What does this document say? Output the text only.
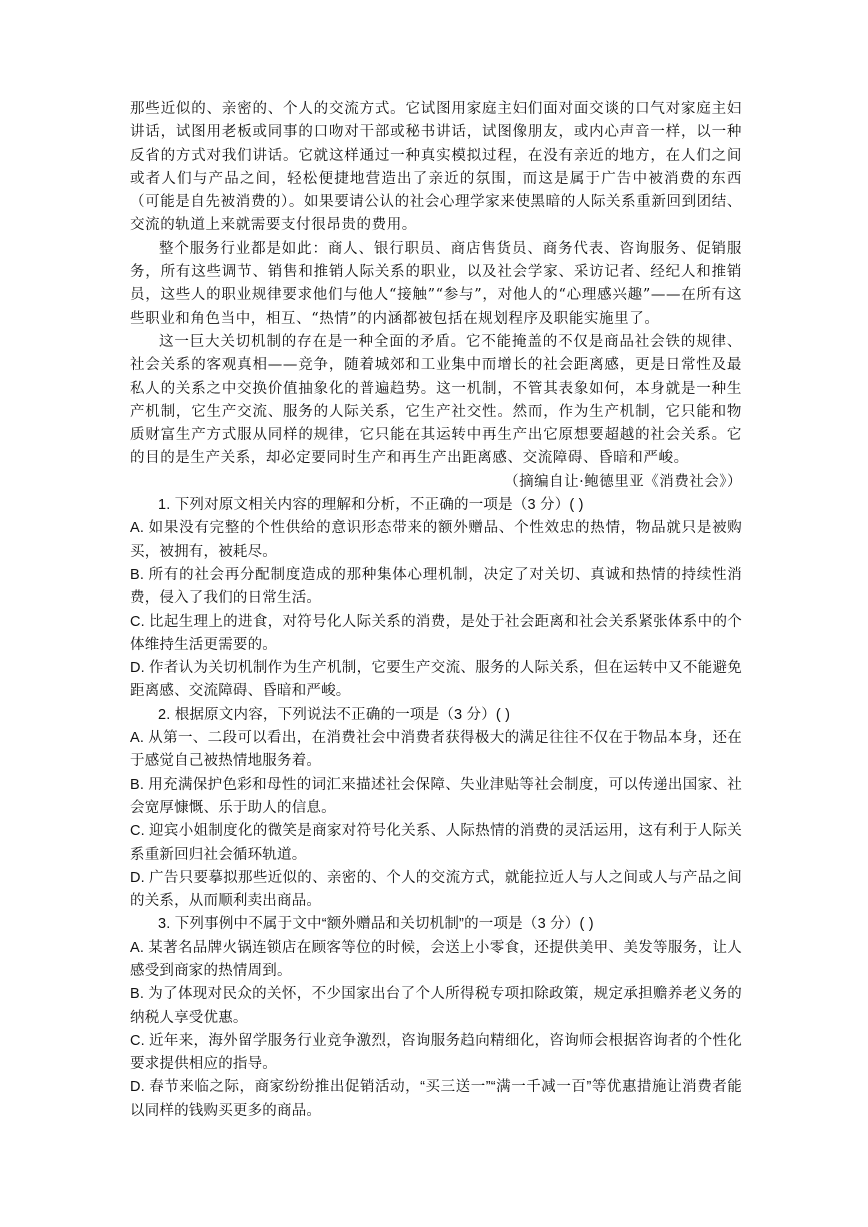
那些近似的、亲密的、个人的交流方式。它试图用家庭主妇们面对面交谈的口气对家庭主妇讲话，试图用老板或同事的口吻对干部或秘书讲话，试图像朋友，或内心声音一样，以一种反省的方式对我们讲话。它就这样通过一种真实模拟过程，在没有亲近的地方，在人们之间或者人们与产品之间，轻松便捷地营造出了亲近的氛围，而这是属于广告中被消费的东西（可能是自先被消费的）。如果要请公认的社会心理学家来使黑暗的人际关系重新回到团结、交流的轨道上来就需要支付很昂贵的费用。

整个服务行业都是如此：商人、银行职员、商店售货员、商务代表、咨询服务、促销服务，所有这些调节、销售和推销人际关系的职业，以及社会学家、采访记者、经纪人和推销员，这些人的职业规律要求他们与他人“接触”“参与”，对他人的“心理感兴趣”——在所有这些职业和角色当中，相互、“热情”的内涵都被包括在规划程序及职能实施里了。

这一巨大关切机制的存在是一种全面的矛盾。它不能掩盖的不仅是商品社会铁的规律、社会关系的客观真相——竞争，随着城郊和工业集中而增长的社会距离感，更是日常性及最私人的关系之中交换价值抽象化的普遍趋势。这一机制，不管其表象如何，本身就是一种生产机制，它生产交流、服务的人际关系，它生产社交性。然而，作为生产机制，它只能和物质财富生产方式服从同样的规律，它只能在其运转中再生产出它原想要超越的社会关系。它的目的是生产关系，却必定要同时生产和再生产出距离感、交流障碍、昏暗和严峻。

（摘编自让·鲍德里亚《消费社会》）

1. 下列对原文相关内容的理解和分析，不正确的一项是（3 分）( )

A. 如果没有完整的个性供给的意识形态带来的额外赠品、个性效忠的热情，物品就只是被购买，被拥有，被耗尽。

B. 所有的社会再分配制度造成的那种集体心理机制，决定了对关切、真诚和热情的持续性消费，侵入了我们的日常生活。

C. 比起生理上的进食，对符号化人际关系的消费，是处于社会距离和社会关系紧张体系中的个体维持生活更需要的。

D. 作者认为关切机制作为生产机制，它要生产交流、服务的人际关系，但在运转中又不能避免距离感、交流障碍、昏暗和严峻。

2. 根据原文内容，下列说法不正确的一项是（3 分）( )

A. 从第一、二段可以看出，在消费社会中消费者获得极大的满足往往不仅在于物品本身，还在于感觉自己被热情地服务着。

B. 用充满保护色彩和母性的词汇来描述社会保障、失业津贴等社会制度，可以传递出国家、社会宽厚慷慨、乐于助人的信息。

C. 迎宾小姐制度化的微笑是商家对符号化关系、人际热情的消费的灵活运用，这有利于人际关系重新回归社会循环轨道。

D. 广告只要摹拟那些近似的、亲密的、个人的交流方式，就能拉近人与人之间或人与产品之间的关系，从而顺利卖出商品。

3. 下列事例中不属于文中“额外赠品和关切机制”的一项是（3 分）( )

A. 某著名品牌火锅连锁店在顾客等位的时候，会送上小零食，还提供美甲、美发等服务，让人感受到商家的热情周到。

B. 为了体现对民众的关怀，不少国家出台了个人所得税专项扣除政策，规定承担赡养老义务的纳税人享受优惠。

C. 近年来，海外留学服务行业竞争激烈，咨询服务趋向精细化，咨询师会根据咨询者的个性化要求提供相应的指导。

D. 春节来临之际，商家纷纷推出促销活动，“买三送一”“满一千减一百”等优惠措施让消费者能以同样的钱购买更多的商品。
